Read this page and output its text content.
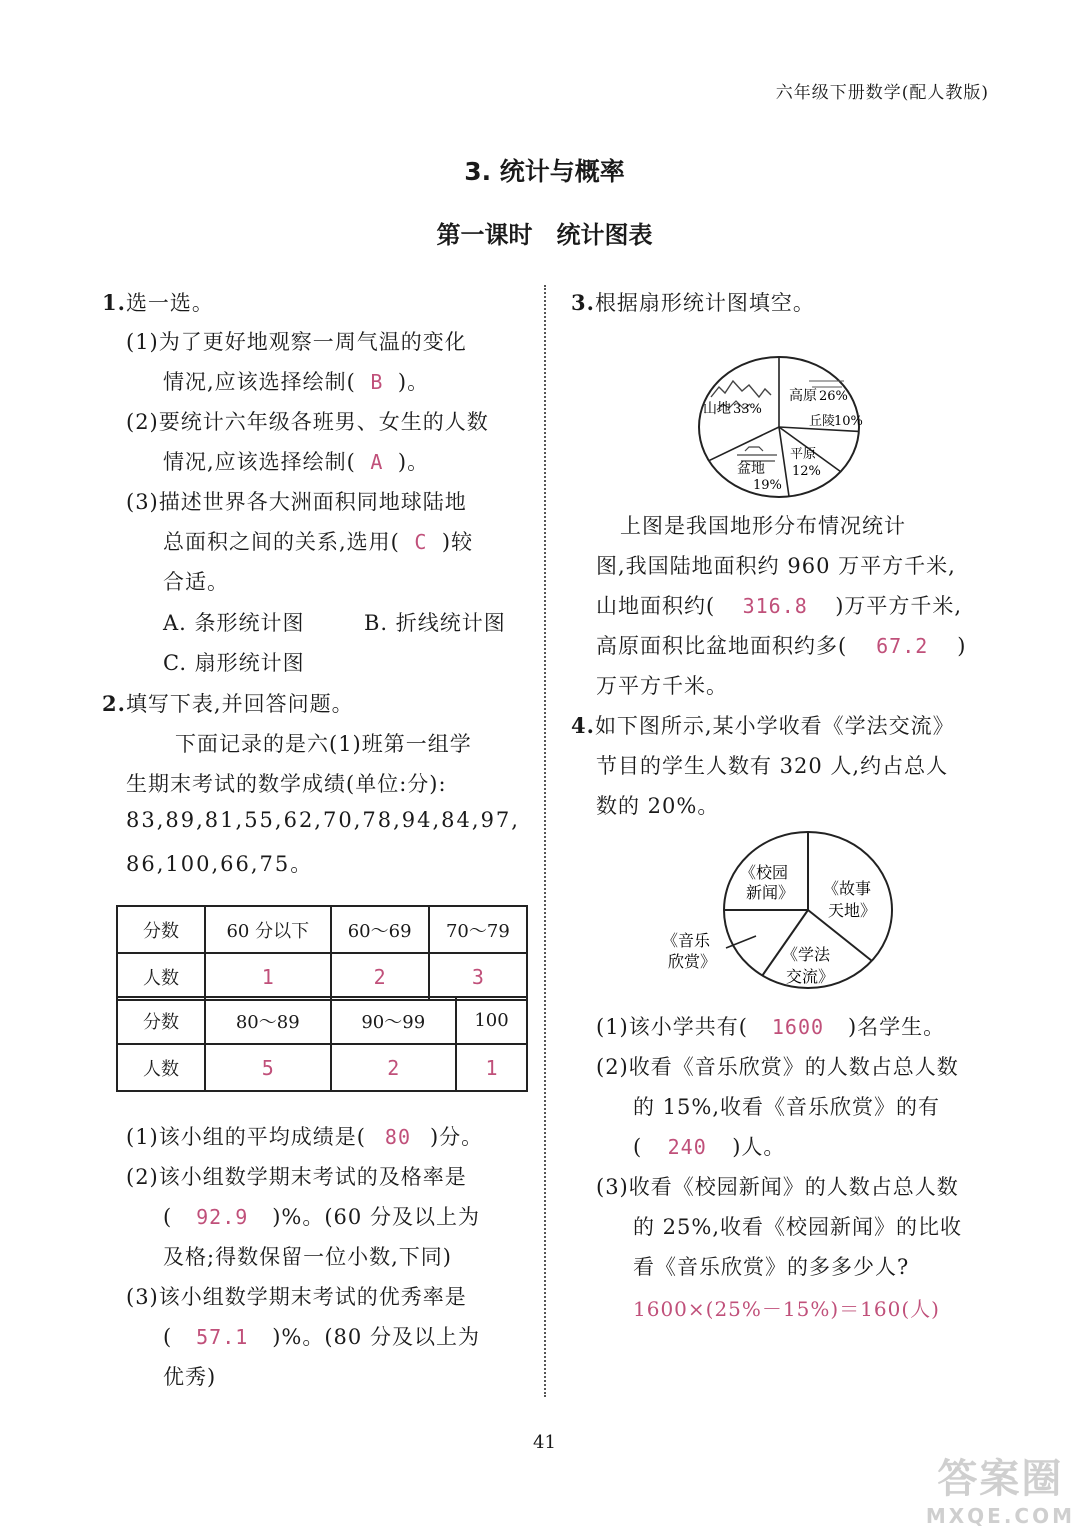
六年级下册数学(配人教版)
3. 统计与概率
第一课时　统计图表
1.选一选。
(1)为了更好地观察一周气温的变化
情况,应该选择绘制( B )。
(2)要统计六年级各班男、女生的人数
情况,应该选择绘制( A )。
(3)描述世界各大洲面积同地球陆地
总面积之间的关系,选用( C )较
合适。
A. 条形统计图	B. 折线统计图
C. 扇形统计图
2.填写下表,并回答问题。
下面记录的是六(1)班第一组学
生期末考试的数学成绩(单位:分):
83,89,81,55,62,70,78,94,84,97,
86,100,66,75。
分数	60 分以下	60～69	70～79
人数	1	2	3
分数	80～89	90～99	100
人数	5	2	1
(1)该小组的平均成绩是( 80 )分。
(2)该小组数学期末考试的及格率是
( 92.9 )%。(60 分及以上为
及格;得数保留一位小数,下同)
(3)该小组数学期末考试的优秀率是
( 57.1 )%。(80 分及以上为
优秀)
3.根据扇形统计图填空。
山地 33%
高原 26%
丘陵
10%
平原
12%
盆地
19%
上图是我国地形分布情况统计
图,我国陆地面积约 960 万平方千米,
山地面积约( 316.8 )万平方千米,
高原面积比盆地面积约多( 67.2 )
万平方千米。
4.如下图所示,某小学收看《学法交流》
节目的学生人数有 320 人,约占总人
数的 20%。
《校园
新闻》 《故事
天地》
《学法
交流》
《音乐
欣赏》
(1)该小学共有( 1600 )名学生。
(2)收看《音乐欣赏》的人数占总人数
的 15%,收看《音乐欣赏》的有
( 240 )人。
(3)收看《校园新闻》的人数占总人数
的 25%,收看《校园新闻》的比收
看《音乐欣赏》的多多少人?
1600×(25%－15%)＝160(人)
41
答案圈
MXQE.COM
